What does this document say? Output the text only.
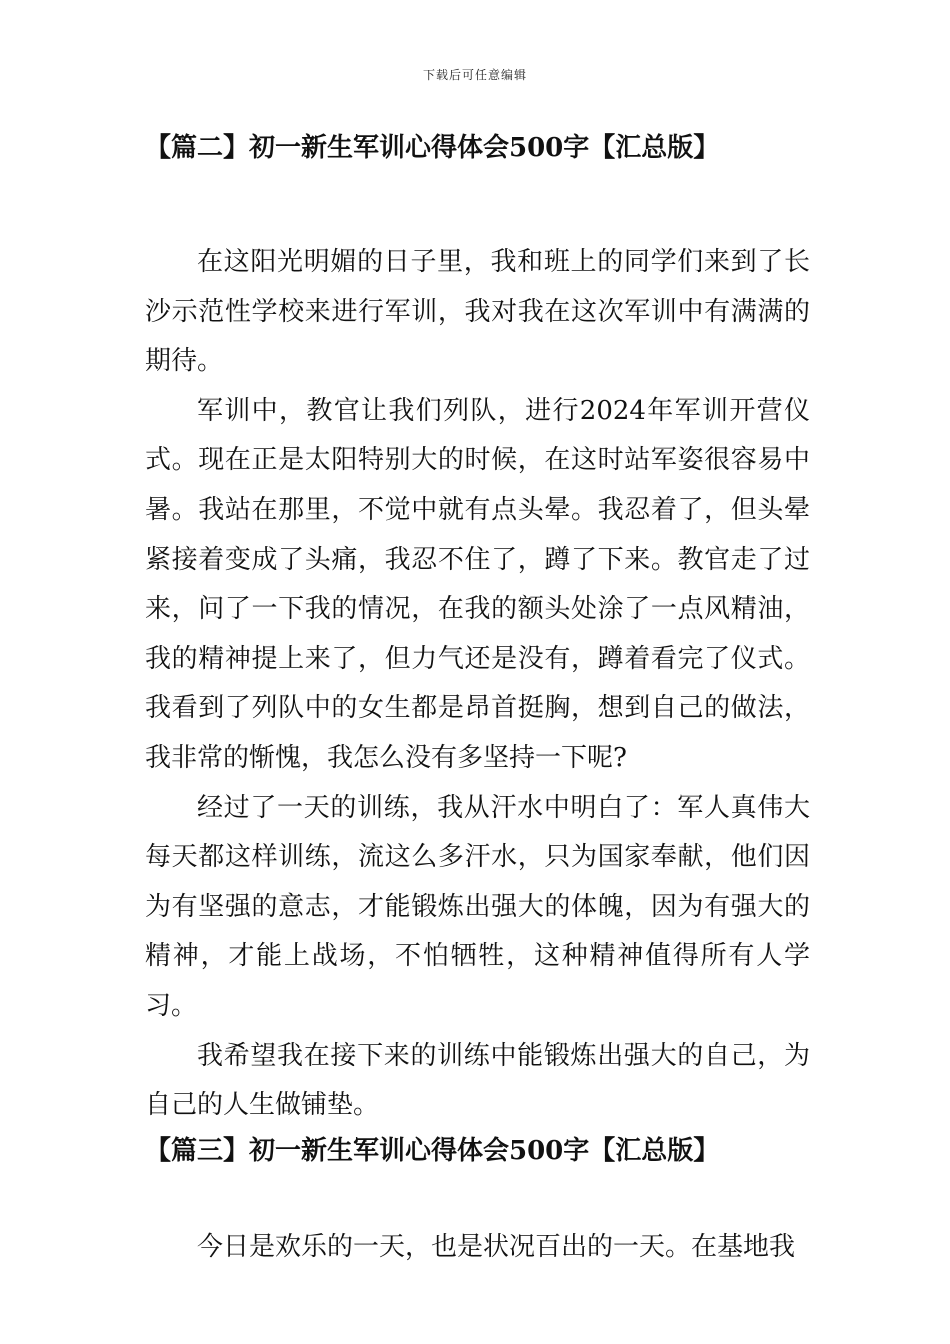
下载后可任意编辑
【篇二】初一新生军训心得体会500字【汇总版】

在这阳光明媚的日子里，我和班上的同学们来到了长沙示范性学校来进行军训，我对我在这次军训中有满满的期待。

军训中，教官让我们列队，进行2024年军训开营仪式。现在正是太阳特别大的时候，在这时站军姿很容易中暑。我站在那里，不觉中就有点头晕。我忍着了，但头晕紧接着变成了头痛，我忍不住了，蹲了下来。教官走了过来，问了一下我的情况，在我的额头处涂了一点风精油，我的精神提上来了，但力气还是没有，蹲着看完了仪式。我看到了列队中的女生都是昂首挺胸，想到自己的做法，我非常的惭愧，我怎么没有多坚持一下呢?

经过了一天的训练，我从汗水中明白了：军人真伟大每天都这样训练，流这么多汗水，只为国家奉献，他们因为有坚强的意志，才能锻炼出强大的体魄，因为有强大的精神，才能上战场，不怕牺牲，这种精神值得所有人学习。

我希望我在接下来的训练中能锻炼出强大的自己，为自己的人生做铺垫。

【篇三】初一新生军训心得体会500字【汇总版】

今日是欢乐的一天，也是状况百出的一天。在基地我
